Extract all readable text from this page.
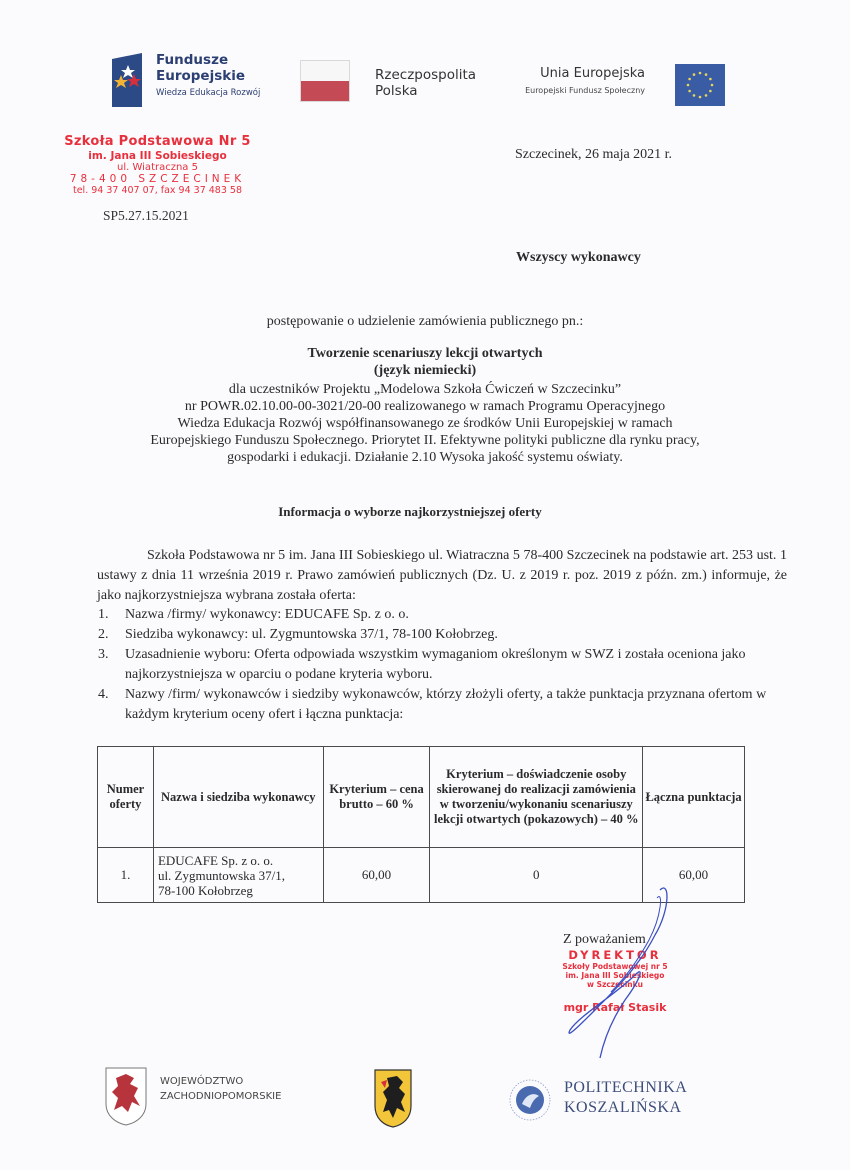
Fundusze
Europejskie
Wiedza Edukacja Rozwój
Rzeczpospolita
Polska
Unia Europejska
Europejski Fundusz Społeczny
Szkoła Podstawowa Nr 5
im. Jana III Sobieskiego
ul. Wiatraczna 5
78-400 SZCZECINEK
tel. 94 37 407 07, fax 94 37 483 58
SP5.27.15.2021
Szczecinek, 26 maja 2021 r.
Wszyscy wykonawcy
postępowanie o udzielenie zamówienia publicznego pn.:
Tworzenie scenariuszy lekcji otwartych
(język niemiecki)
dla uczestników Projektu „Modelowa Szkoła Ćwiczeń w Szczecinku”
nr POWR.02.10.00-00-3021/20-00 realizowanego w ramach Programu Operacyjnego
Wiedza Edukacja Rozwój współfinansowanego ze środków Unii Europejskiej w ramach
Europejskiego Funduszu Społecznego. Priorytet II. Efektywne polityki publiczne dla rynku pracy,
gospodarki i edukacji. Działanie 2.10 Wysoka jakość systemu oświaty.
Informacja o wyborze najkorzystniejszej oferty
Szkoła Podstawowa nr 5 im. Jana III Sobieskiego ul. Wiatraczna 5 78-400 Szczecinek na podstawie art. 253 ust. 1 ustawy z dnia 11 września 2019 r. Prawo zamówień publicznych (Dz. U. z 2019 r. poz. 2019 z późn. zm.) informuje, że jako najkorzystniejsza wybrana została oferta:
1. Nazwa /firmy/ wykonawcy: EDUCAFE Sp. z o. o.
2. Siedziba wykonawcy: ul. Zygmuntowska 37/1, 78-100 Kołobrzeg.
3. Uzasadnienie wyboru: Oferta odpowiada wszystkim wymaganiom określonym w SWZ i została oceniona jako najkorzystniejsza w oparciu o podane kryteria wyboru.
4. Nazwy /firm/ wykonawców i siedziby wykonawców, którzy złożyli oferty, a także punktacja przyznana ofertom w każdym kryterium oceny ofert i łączna punktacja:
Numer oferty	Nazwa i siedziba wykonawcy	Kryterium – cena brutto – 60 %	Kryterium – doświadczenie osoby skierowanej do realizacji zamówienia w tworzeniu/wykonaniu scenariuszy lekcji otwartych (pokazowych) – 40 %	Łączna punktacja
1.	EDUCAFE Sp. z o. o.
ul. Zygmuntowska 37/1,
78-100 Kołobrzeg	60,00	0	60,00
Z poważaniem
DYREKTOR
Szkoły Podstawowej nr 5
im. Jana III Sobieskiego
w Szczecinku
mgr Rafał Stasik
WOJEWÓDZTWO
ZACHODNIOPOMORSKIE
POLITECHNIKA
KOSZALIŃSKA
